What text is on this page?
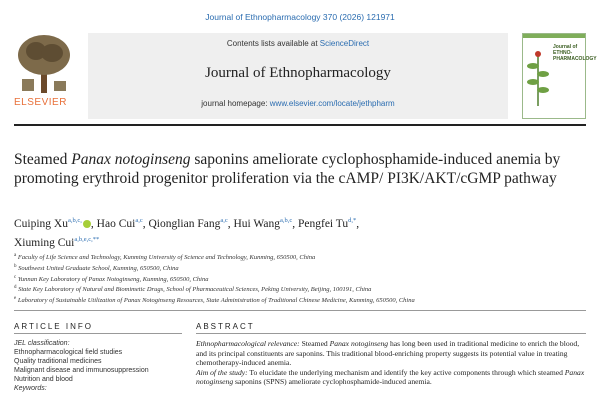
Journal of Ethnopharmacology 370 (2026) 121971
ELSEVIER
Contents lists available at ScienceDirect
Journal of Ethnopharmacology
journal homepage: www.elsevier.com/locate/jethpharm
Journal of ETHNO-PHARMACOLOGY
Steamed Panax notoginseng saponins ameliorate cyclophosphamide-induced anemia by promoting erythroid progenitor proliferation via the cAMP/ PI3K/AKT/cGMP pathway
Cuiping $Xu^{a,b,c,}$ , Hao Cui$^{a,c}$, Qionglian Fang$^{a,c}$, Hui Wang$^{a,b,c}$, Pengfei $Tu^{d,*}$,
Xiuming Cui$^{a,b,e,c,**}$
$^a$ Faculty of Life Science and Technology, Kunming University of Science and Technology, Kunming, 650500, China
$^b$ Southwest United Graduate School, Kunming, 650500, China
$^c$ Yunnan Key Laboratory of Panax Notoginseng, Kunming, 650500, China
$^d$ State Key Laboratory of Natural and Biomimetic Drugs, School of Pharmaceutical Sciences, Peking University, Beijing, 100191, China
$^e$ Laboratory of Sustainable Utilization of Panax Notoginseng Resources, State Administration of Traditional Chinese Medicine, Kunming, 650500, China
ARTICLE INFO	ABSTRACT
JEL classification:
Ethnopharmacological field studies
Quality traditional medicines
Malignant disease and immunosuppression
Nutrition and blood
Keywords:

Ethnopharmacological relevance: Steamed Panax notoginseng has long been used in traditional medicine to enrich the blood, and its principal constituents are saponins. This traditional blood-enriching property suggests its potential value in treating chemotherapy-induced anemia.

Aim of the study: To elucidate the underlying mechanism and identify the key active components through which steamed Panax notoginseng saponins (SPNS) ameliorate cyclophosphamide-induced anemia.
